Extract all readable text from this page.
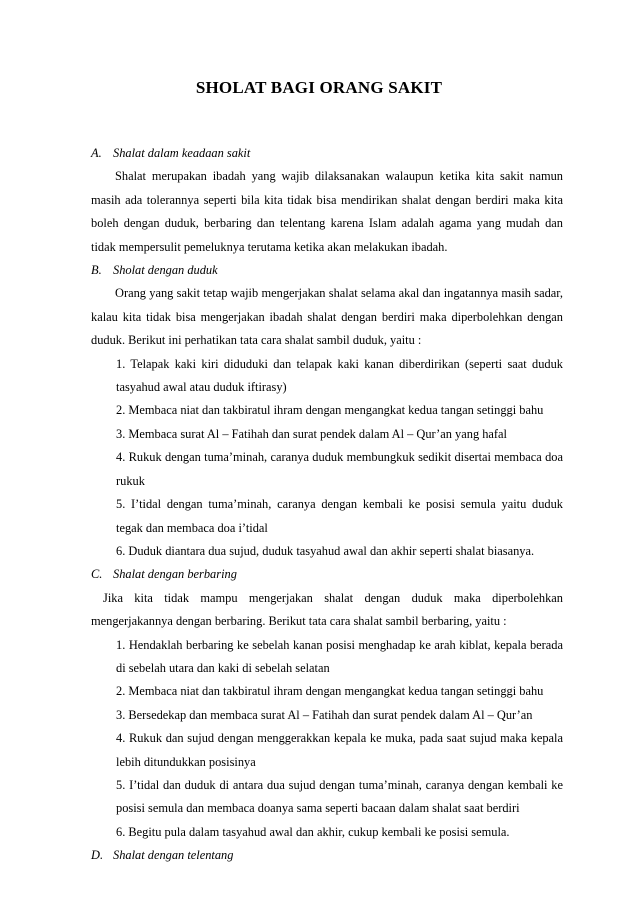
SHOLAT BAGI ORANG SAKIT

A. Shalat dalam keadaan sakit

Shalat merupakan ibadah yang wajib dilaksanakan walaupun ketika kita sakit namun masih ada tolerannya seperti bila kita tidak bisa mendirikan shalat dengan berdiri maka kita boleh dengan duduk, berbaring dan telentang karena Islam adalah agama yang mudah dan tidak mempersulit pemeluknya terutama ketika akan melakukan ibadah.

B. Sholat dengan duduk

Orang yang sakit tetap wajib mengerjakan shalat selama akal dan ingatannya masih sadar, kalau kita tidak bisa mengerjakan ibadah shalat dengan berdiri maka diperbolehkan dengan duduk. Berikut ini perhatikan tata cara shalat sambil duduk, yaitu :

1. Telapak kaki kiri diduduki dan telapak kaki kanan diberdirikan (seperti saat duduk tasyahud awal atau duduk iftirasy)

2. Membaca niat dan takbiratul ihram dengan mengangkat kedua tangan setinggi bahu

3. Membaca surat Al – Fatihah dan surat pendek dalam Al – Qur’an yang hafal

4. Rukuk dengan tuma’minah, caranya duduk membungkuk sedikit disertai membaca doa rukuk

5. I’tidal dengan tuma’minah, caranya dengan kembali ke posisi semula yaitu duduk tegak dan membaca doa i’tidal

6. Duduk diantara dua sujud, duduk tasyahud awal dan akhir seperti shalat biasanya.

C. Shalat dengan berbaring

Jika kita tidak mampu mengerjakan shalat dengan duduk maka diperbolehkan mengerjakannya dengan berbaring. Berikut tata cara shalat sambil berbaring, yaitu :

1. Hendaklah berbaring ke sebelah kanan posisi menghadap ke arah kiblat, kepala berada di sebelah utara dan kaki di sebelah selatan

2. Membaca niat dan takbiratul ihram dengan mengangkat kedua tangan setinggi bahu

3. Bersedekap dan membaca surat Al – Fatihah dan surat pendek dalam Al – Qur’an

4. Rukuk dan sujud dengan menggerakkan kepala ke muka, pada saat sujud maka kepala lebih ditundukkan posisinya

5. I’tidal dan duduk di antara dua sujud dengan tuma’minah, caranya dengan kembali ke posisi semula dan membaca doanya sama seperti bacaan dalam shalat saat berdiri

6. Begitu pula dalam tasyahud awal dan akhir, cukup kembali ke posisi semula.

D. Shalat dengan telentang
